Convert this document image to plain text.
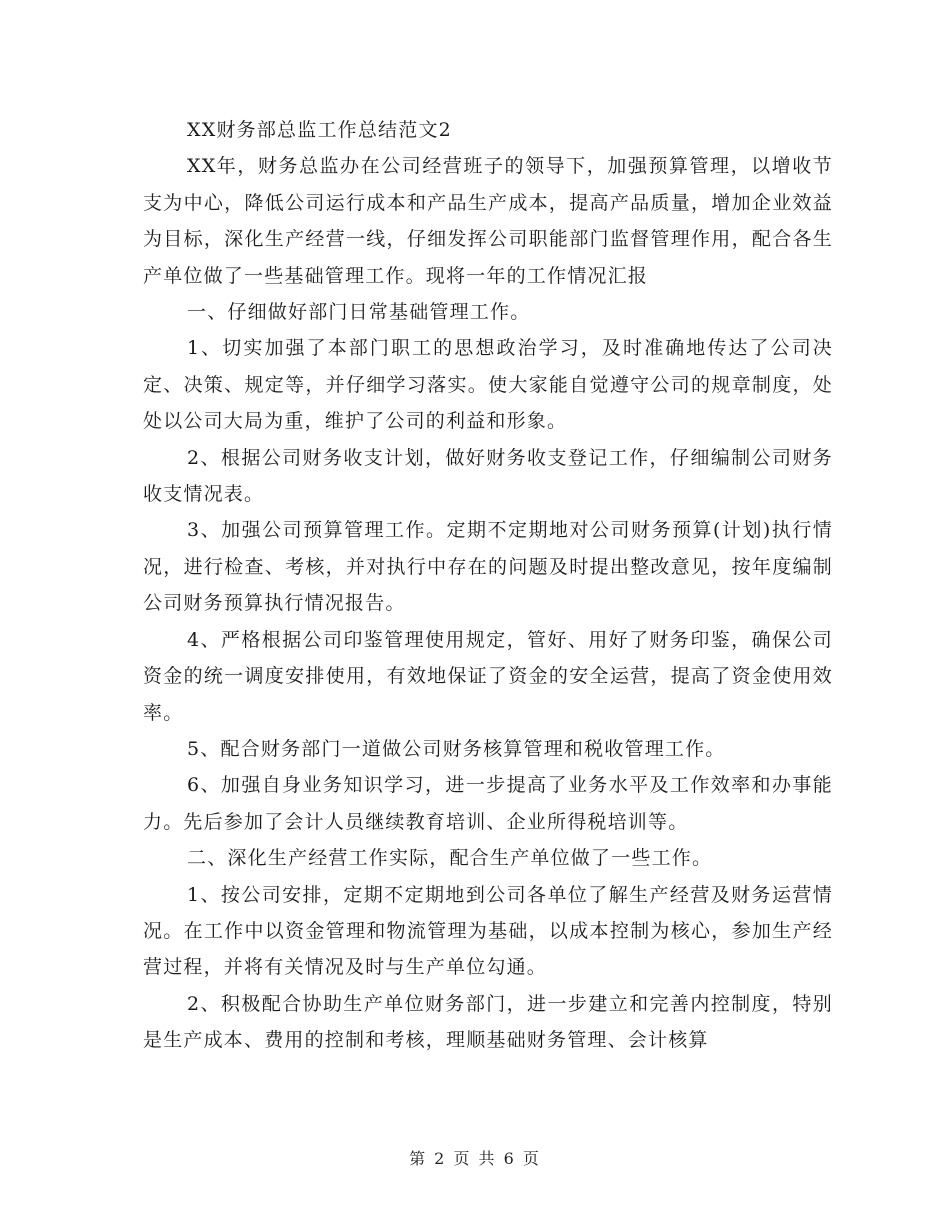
XX财务部总监工作总结范文2

XX年，财务总监办在公司经营班子的领导下，加强预算管理，以增收节支为中心，降低公司运行成本和产品生产成本，提高产品质量，增加企业效益为目标，深化生产经营一线，仔细发挥公司职能部门监督管理作用，配合各生产单位做了一些基础管理工作。现将一年的工作情况汇报

一、仔细做好部门日常基础管理工作。

1、切实加强了本部门职工的思想政治学习，及时准确地传达了公司决定、决策、规定等，并仔细学习落实。使大家能自觉遵守公司的规章制度，处处以公司大局为重，维护了公司的利益和形象。

2、根据公司财务收支计划，做好财务收支登记工作，仔细编制公司财务收支情况表。

3、加强公司预算管理工作。定期不定期地对公司财务预算(计划)执行情况，进行检查、考核，并对执行中存在的问题及时提出整改意见，按年度编制公司财务预算执行情况报告。

4、严格根据公司印鉴管理使用规定，管好、用好了财务印鉴，确保公司资金的统一调度安排使用，有效地保证了资金的安全运营，提高了资金使用效率。

5、配合财务部门一道做公司财务核算管理和税收管理工作。

6、加强自身业务知识学习，进一步提高了业务水平及工作效率和办事能力。先后参加了会计人员继续教育培训、企业所得税培训等。

二、深化生产经营工作实际，配合生产单位做了一些工作。

1、按公司安排，定期不定期地到公司各单位了解生产经营及财务运营情况。在工作中以资金管理和物流管理为基础，以成本控制为核心，参加生产经营过程，并将有关情况及时与生产单位勾通。

2、积极配合协助生产单位财务部门，进一步建立和完善内控制度，特别是生产成本、费用的控制和考核，理顺基础财务管理、会计核算

第 2 页 共 6 页
